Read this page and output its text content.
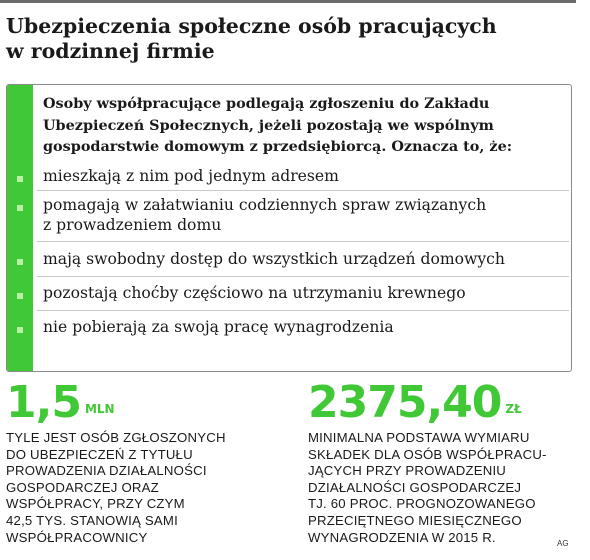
Ubezpieczenia społeczne osób pracujących
w rodzinnej firmie
Osoby współpracujące podlegają zgłoszeniu do Zakładu
Ubezpieczeń Społecznych, jeżeli pozostają we wspólnym
gospodarstwie domowym z przedsiębiorcą. Oznacza to, że:
mieszkają z nim pod jednym adresem
pomagają w załatwianiu codziennych spraw związanych
z prowadzeniem domu
mają swobodny dostęp do wszystkich urządzeń domowych
pozostają choćby częściowo na utrzymaniu krewnego
nie pobierają za swoją pracę wynagrodzenia
1,5 MLN
TYLE JEST OSÓB ZGŁOSZONYCH
DO UBEZPIECZEŃ Z TYTUŁU
PROWADZENIA DZIAŁALNOŚCI
GOSPODARCZEJ ORAZ
WSPÓŁPRACY, PRZY CZYM
42,5 TYS. STANOWIĄ SAMI
WSPÓŁPRACOWNICY
2375,40 ZŁ
MINIMALNA PODSTAWA WYMIARU
SKŁADEK DLA OSÓB WSPÓŁPRACU-
JĄCYCH PRZY PROWADZENIU
DZIAŁALNOŚCI GOSPODARCZEJ
TJ. 60 PROC. PROGNOZOWANEGO
PRZECIĘTNEGO MIESIĘCZNEGO
WYNAGRODZENIA W 2015 R.	AG
